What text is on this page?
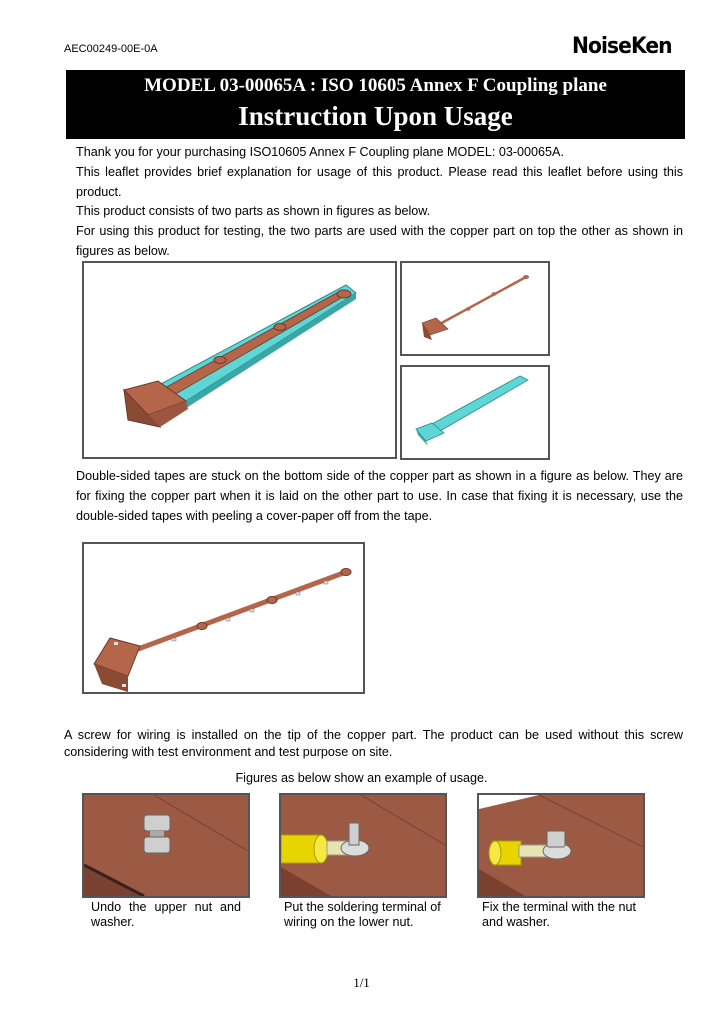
AEC00249-00E-0A	NoiseKen
MODEL 03-00065A : ISO 10605 Annex F Coupling plane
Instruction Upon Usage

Thank you for your purchasing ISO10605 Annex F Coupling plane MODEL: 03-00065A.

This leaflet provides brief explanation for usage of this product. Please read this leaflet before using this product.

This product consists of two parts as shown in figures as below.

For using this product for testing, the two parts are used with the copper part on top the other as shown in figures as below.

Double-sided tapes are stuck on the bottom side of the copper part as shown in a figure as below. They are for fixing the copper part when it is laid on the other part to use. In case that fixing it is necessary, use the double-sided tapes with peeling a cover-paper off from the tape.
A screw for wiring is installed on the tip of the copper part. The product can be used without this screw considering with test environment and test purpose on site.
Figures as below show an example of usage.
Undo the upper nut and washer.
Put the soldering terminal of wiring on the lower nut.
Fix the terminal with the nut and washer.
1/1
